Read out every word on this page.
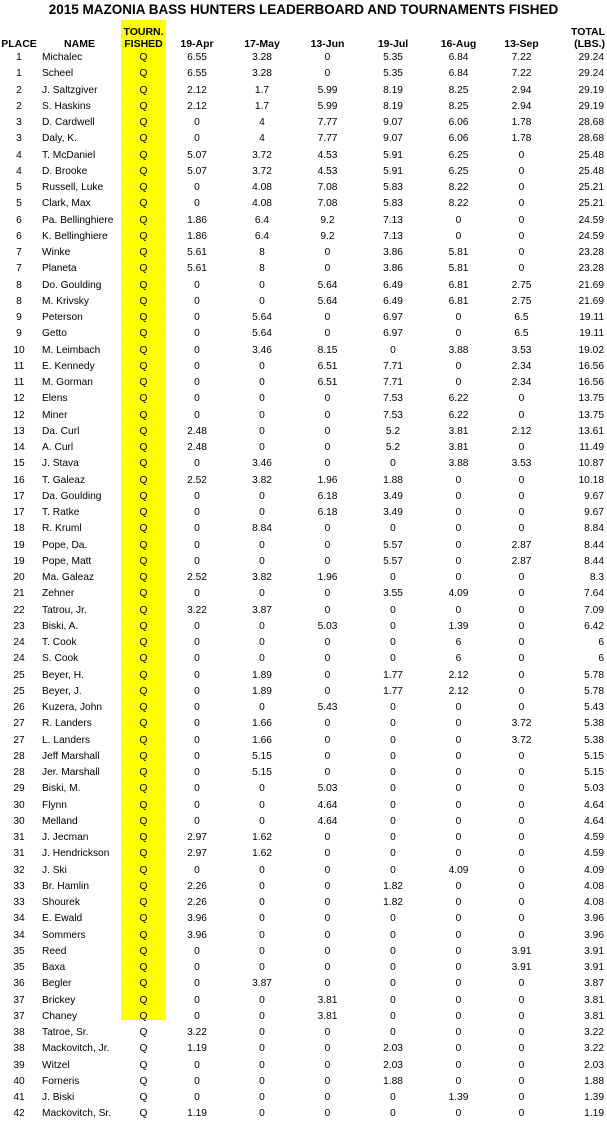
2015 MAZONIA BASS HUNTERS LEADERBOARD AND TOURNAMENTS FISHED
PLACE	NAME	TOURN.
FISHED	19-Apr	17-May	13-Jun	19-Jul	16-Aug	13-Sep	TOTAL
(LBS.)
1	Michalec	Q	6.55	3.28	0	5.35	6.84	7.22	29.24
1	Scheel	Q	6.55	3.28	0	5.35	6.84	7.22	29.24
2	J. Saltzgiver	Q	2.12	1.7	5.99	8.19	8.25	2.94	29.19
2	S. Haskins	Q	2.12	1.7	5.99	8.19	8.25	2.94	29.19
3	D. Cardwell	Q	0	4	7.77	9.07	6.06	1.78	28.68
3	Daly, K.	Q	0	4	7.77	9.07	6.06	1.78	28.68
4	T. McDaniel	Q	5.07	3.72	4.53	5.91	6.25	0	25.48
4	D. Brooke	Q	5.07	3.72	4.53	5.91	6.25	0	25.48
5	Russell, Luke	Q	0	4.08	7.08	5.83	8.22	0	25.21
5	Clark, Max	Q	0	4.08	7.08	5.83	8.22	0	25.21
6	Pa. Bellinghiere	Q	1.86	6.4	9.2	7.13	0	0	24.59
6	K. Bellinghiere	Q	1.86	6.4	9.2	7.13	0	0	24.59
7	Winke	Q	5.61	8	0	3.86	5.81	0	23.28
7	Planeta	Q	5.61	8	0	3.86	5.81	0	23.28
8	Do. Goulding	Q	0	0	5.64	6.49	6.81	2.75	21.69
8	M. Krivsky	Q	0	0	5.64	6.49	6.81	2.75	21.69
9	Peterson	Q	0	5.64	0	6.97	0	6.5	19.11
9	Getto	Q	0	5.64	0	6.97	0	6.5	19.11
10	M. Leimbach	Q	0	3.46	8.15	0	3.88	3.53	19.02
11	E. Kennedy	Q	0	0	6.51	7.71	0	2.34	16.56
11	M. Gorman	Q	0	0	6.51	7.71	0	2.34	16.56
12	Elens	Q	0	0	0	7.53	6.22	0	13.75
12	Miner	Q	0	0	0	7.53	6.22	0	13.75
13	Da. Curl	Q	2.48	0	0	5.2	3.81	2.12	13.61
14	A. Curl	Q	2.48	0	0	5.2	3.81	0	11.49
15	J. Stava	Q	0	3.46	0	0	3.88	3.53	10.87
16	T. Galeaz	Q	2.52	3.82	1.96	1.88	0	0	10.18
17	Da. Goulding	Q	0	0	6.18	3.49	0	0	9.67
17	T. Ratke	Q	0	0	6.18	3.49	0	0	9.67
18	R. Kruml	Q	0	8.84	0	0	0	0	8.84
19	Pope, Da.	Q	0	0	0	5.57	0	2.87	8.44
19	Pope, Matt	Q	0	0	0	5.57	0	2.87	8.44
20	Ma. Galeaz	Q	2.52	3.82	1.96	0	0	0	8.3
21	Zehner	Q	0	0	0	3.55	4.09	0	7.64
22	Tatrou, Jr.	Q	3.22	3.87	0	0	0	0	7.09
23	Biski, A.	Q	0	0	5.03	0	1.39	0	6.42
24	T. Cook	Q	0	0	0	0	6	0	6
24	S. Cook	Q	0	0	0	0	6	0	6
25	Beyer, H.	Q	0	1.89	0	1.77	2.12	0	5.78
25	Beyer, J.	Q	0	1.89	0	1.77	2.12	0	5.78
26	Kuzera, John	Q	0	0	5.43	0	0	0	5.43
27	R. Landers	Q	0	1.66	0	0	0	3.72	5.38
27	L. Landers	Q	0	1.66	0	0	0	3.72	5.38
28	Jeff Marshall	Q	0	5.15	0	0	0	0	5.15
28	Jer. Marshall	Q	0	5.15	0	0	0	0	5.15
29	Biski, M.	Q	0	0	5.03	0	0	0	5.03
30	Flynn	Q	0	0	4.64	0	0	0	4.64
30	Melland	Q	0	0	4.64	0	0	0	4.64
31	J. Jecman	Q	2.97	1.62	0	0	0	0	4.59
31	J. Hendrickson	Q	2.97	1.62	0	0	0	0	4.59
32	J. Ski	Q	0	0	0	0	4.09	0	4.09
33	Br. Hamlin	Q	2.26	0	0	1.82	0	0	4.08
33	Shourek	Q	2.26	0	0	1.82	0	0	4.08
34	E. Ewald	Q	3.96	0	0	0	0	0	3.96
34	Sommers	Q	3.96	0	0	0	0	0	3.96
35	Reed	Q	0	0	0	0	0	3.91	3.91
35	Baxa	Q	0	0	0	0	0	3.91	3.91
36	Begler	Q	0	3.87	0	0	0	0	3.87
37	Brickey	Q	0	0	3.81	0	0	0	3.81
37	Chaney	Q	0	0	3.81	0	0	0	3.81
38	Tatroe, Sr.	Q	3.22	0	0	0	0	0	3.22
38	Mackovitch, Jr.	Q	1.19	0	0	2.03	0	0	3.22
39	Witzel	Q	0	0	0	2.03	0	0	2.03
40	Forneris	Q	0	0	0	1.88	0	0	1.88
41	J. Biski	Q	0	0	0	0	1.39	0	1.39
42	Mackovitch, Sr.	Q	1.19	0	0	0	0	0	1.19
